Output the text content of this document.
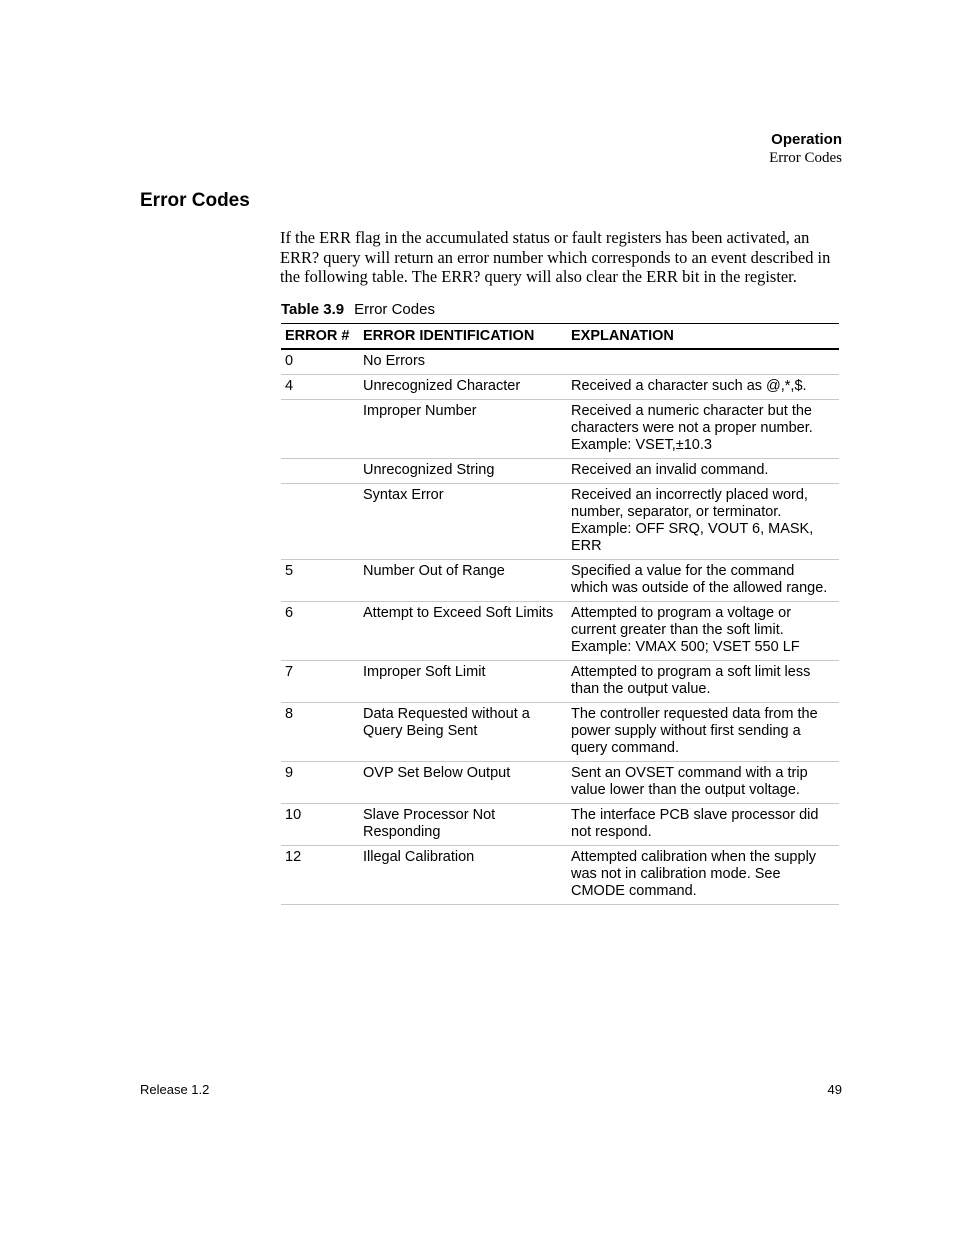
Operation
Error Codes
Error Codes

If the ERR flag in the accumulated status or fault registers has been activated, an ERR? query will return an error number which corresponds to an event described in the following table. The ERR? query will also clear the ERR bit in the register.

Table 3.9 Error Codes
ERROR #	ERROR IDENTIFICATION	EXPLANATION
0	No Errors	
4	Unrecognized Character	Received a character such as @,*,$.
	Improper Number	Received a numeric character but the characters were not a proper number. Example: VSET,±10.3
	Unrecognized String	Received an invalid command.
	Syntax Error	Received an incorrectly placed word, number, separator, or terminator. Example: OFF SRQ, VOUT 6, MASK, ERR
5	Number Out of Range	Specified a value for the command which was outside of the allowed range.
6	Attempt to Exceed Soft Limits	Attempted to program a voltage or current greater than the soft limit. Example: VMAX 500; VSET 550 LF
7	Improper Soft Limit	Attempted to program a soft limit less than the output value.
8	Data Requested without a Query Being Sent	The controller requested data from the power supply without first sending a query command.
9	OVP Set Below Output	Sent an OVSET command with a trip value lower than the output voltage.
10	Slave Processor Not Responding	The interface PCB slave processor did not respond.
12	Illegal Calibration	Attempted calibration when the supply was not in calibration mode. See CMODE command.
Release 1.2	49
